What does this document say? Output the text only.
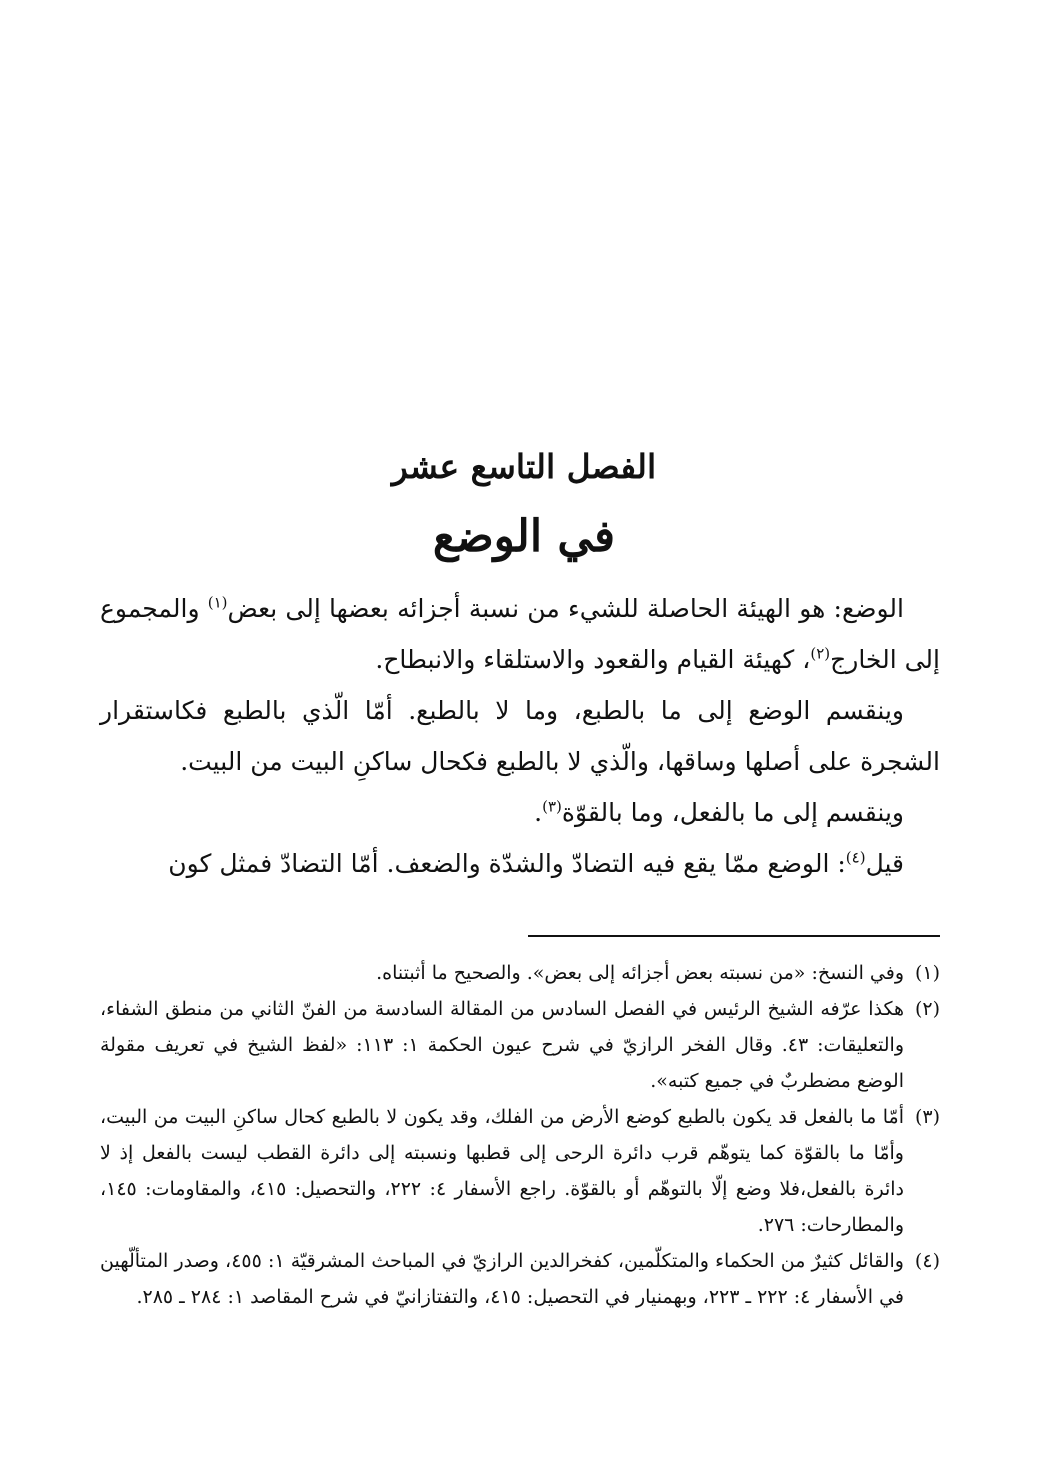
الفصل التاسع عشر
في الوضع

الوضع: هو الهيئة الحاصلة للشيء من نسبة أجزائه بعضها إلى بعض$^{(١)}$ والمجموع إلى الخارج$^{(٢)}$، كهيئة القيام والقعود والاستلقاء والانبطاح.

وينقسم الوضع إلى ما بالطبع، وما لا بالطبع. أمّا الّذي بالطبع فكاستقرار الشجرة على أصلها وساقها، والّذي لا بالطبع فكحال ساكنِ البيت من البيت.

وينقسم إلى ما بالفعل، وما بالقوّة$^{(٣)}$.

قيل$^{(٤)}$: الوضع ممّا يقع فيه التضادّ والشدّة والضعف. أمّا التضادّ فمثل كون

(١)وفي النسخ: «من نسبته بعض أجزائه إلى بعض». والصحيح ما أثبتناه.

(٢)هكذا عرّفه الشيخ الرئيس في الفصل السادس من المقالة السادسة من الفنّ الثاني من منطق الشفاء، والتعليقات: ٤٣. وقال الفخر الرازيّ في شرح عيون الحكمة ١: ١١٣: «لفظ الشيخ في تعريف مقولة الوضع مضطربٌ في جميع كتبه».

(٣)أمّا ما بالفعل قد يكون بالطبع كوضع الأرض من الفلك، وقد يكون لا بالطبع كحال ساكنِ البيت من البيت، وأمّا ما بالقوّة كما يتوهّم قرب دائرة الرحى إلى قطبها ونسبته إلى دائرة القطب ليست بالفعل إذ لا دائرة بالفعل،فلا وضع إلّا بالتوهّم أو بالقوّة. راجع الأسفار ٤: ٢٢٢، والتحصيل: ٤١٥، والمقاومات: ١٤٥، والمطارحات: ٢٧٦.

(٤)والقائل كثيرٌ من الحكماء والمتكلّمين، كفخرالدين الرازيّ في المباحث المشرقيّة ١: ٤٥٥، وصدر المتألّهين في الأسفار ٤: ٢٢٢ ـ ٢٢٣، وبهمنيار في التحصيل: ٤١٥، والتفتازانيّ في شرح المقاصد ١: ٢٨٤ ـ ٢٨٥.
